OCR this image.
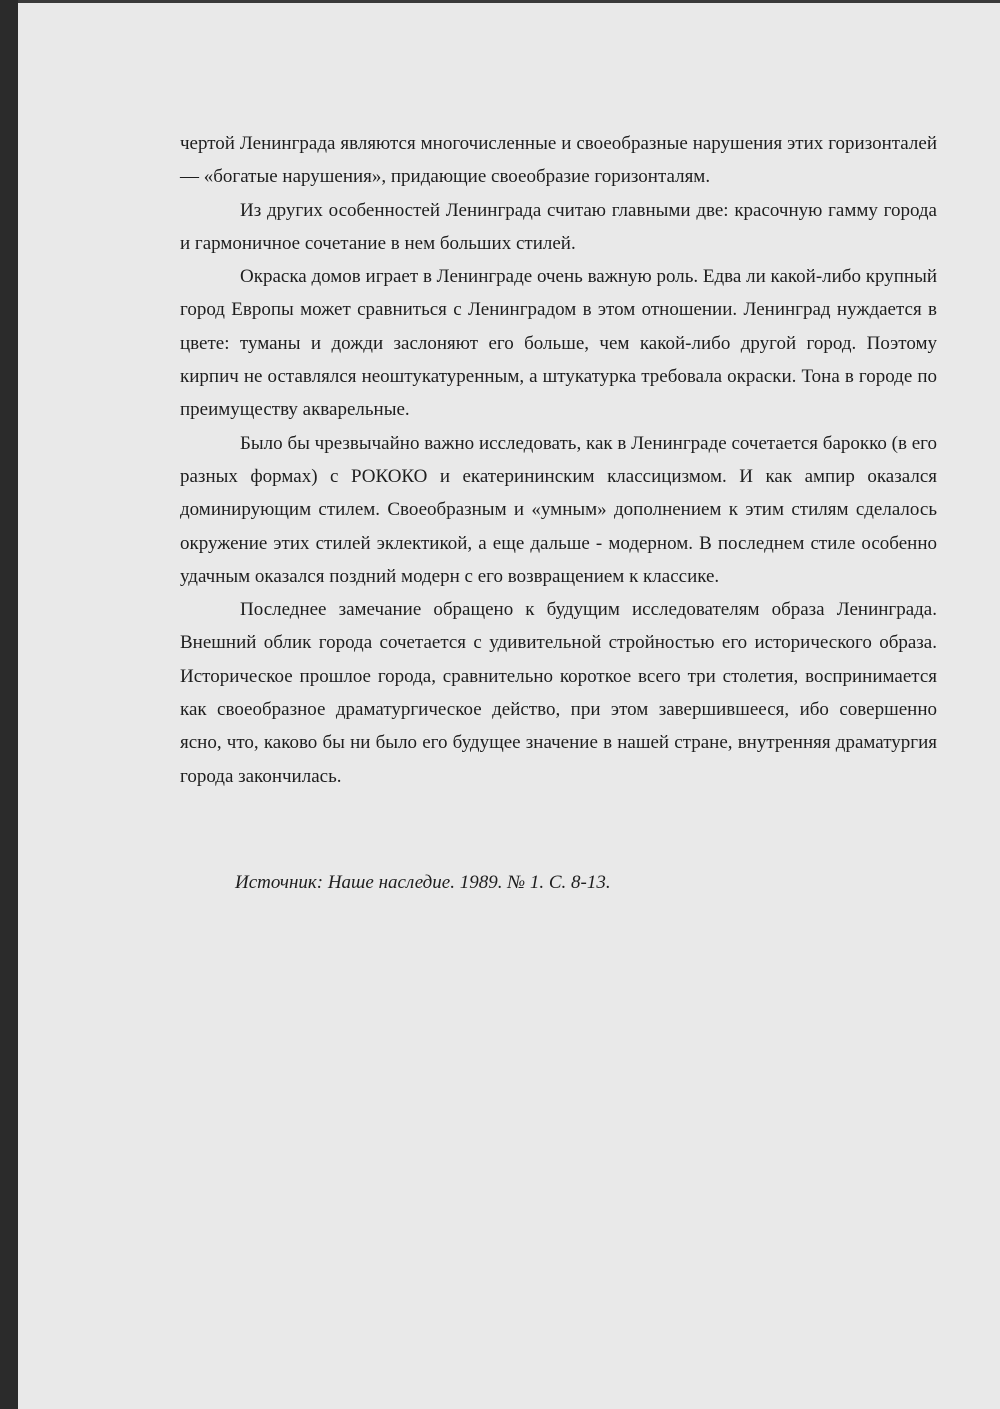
чертой Ленинграда являются многочисленные и своеобразные нарушения этих горизонталей — «богатые нарушения», придающие своеобразие горизонталям.

Из других особенностей Ленинграда считаю главными две: красочную гамму города и гармоничное сочетание в нем больших стилей.

Окраска домов играет в Ленинграде очень важную роль. Едва ли какой-либо крупный город Европы может сравниться с Ленинградом в этом отношении. Ленинград нуждается в цвете: туманы и дожди заслоняют его больше, чем какой-либо другой город. Поэтому кирпич не оставлялся неоштукатуренным, а штукатурка требовала окраски. Тона в городе по преимуществу акварельные.

Было бы чрезвычайно важно исследовать, как в Ленинграде сочетается барокко (в его разных формах) с РОКОКО и екатерининским классицизмом. И как ампир оказался доминирующим стилем. Своеобразным и «умным» дополнением к этим стилям сделалось окружение этих стилей эклектикой, а еще дальше - модерном. В последнем стиле особенно удачным оказался поздний модерн с его возвращением к классике.

Последнее замечание обращено к будущим исследователям образа Ленинграда. Внешний облик города сочетается с удивительной стройностью его исторического образа. Историческое прошлое города, сравнительно короткое всего три столетия, воспринимается как своеобразное драматургическое действо, при этом завершившееся, ибо совершенно ясно, что, каково бы ни было его будущее значение в нашей стране, внутренняя драматургия города закончилась.

Источник: Наше наследие. 1989. № 1. С. 8-13.
